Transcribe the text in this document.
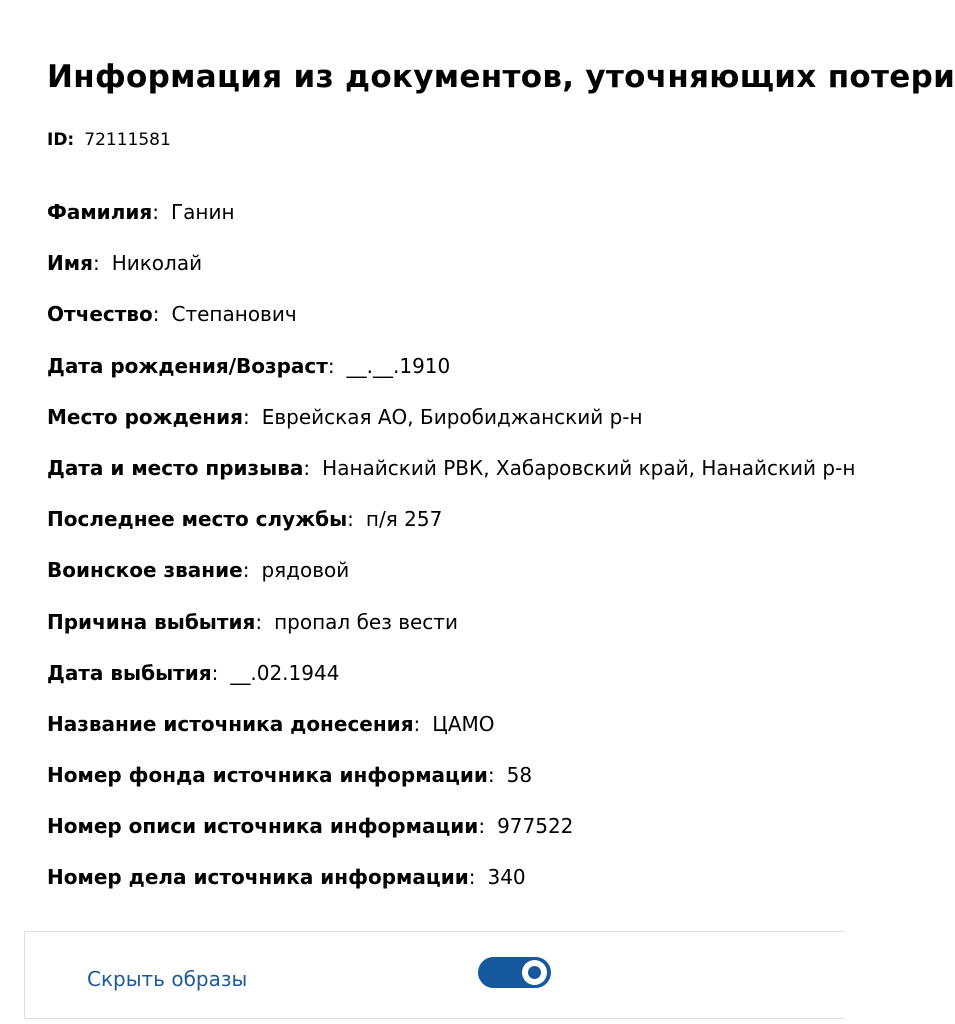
Информация из документов, уточняющих потери
ID: 72111581
Фамилия: Ганин
Имя: Николай
Отчество: Степанович
Дата рождения/Возраст: __.__.1910
Место рождения: Еврейская АО, Биробиджанский р-н
Дата и место призыва: Нанайский РВК, Хабаровский край, Нанайский р-н
Последнее место службы: п/я 257
Воинское звание: рядовой
Причина выбытия: пропал без вести
Дата выбытия: __.02.1944
Название источника донесения: ЦАМО
Номер фонда источника информации: 58
Номер описи источника информации: 977522
Номер дела источника информации: 340
Скрыть образы
